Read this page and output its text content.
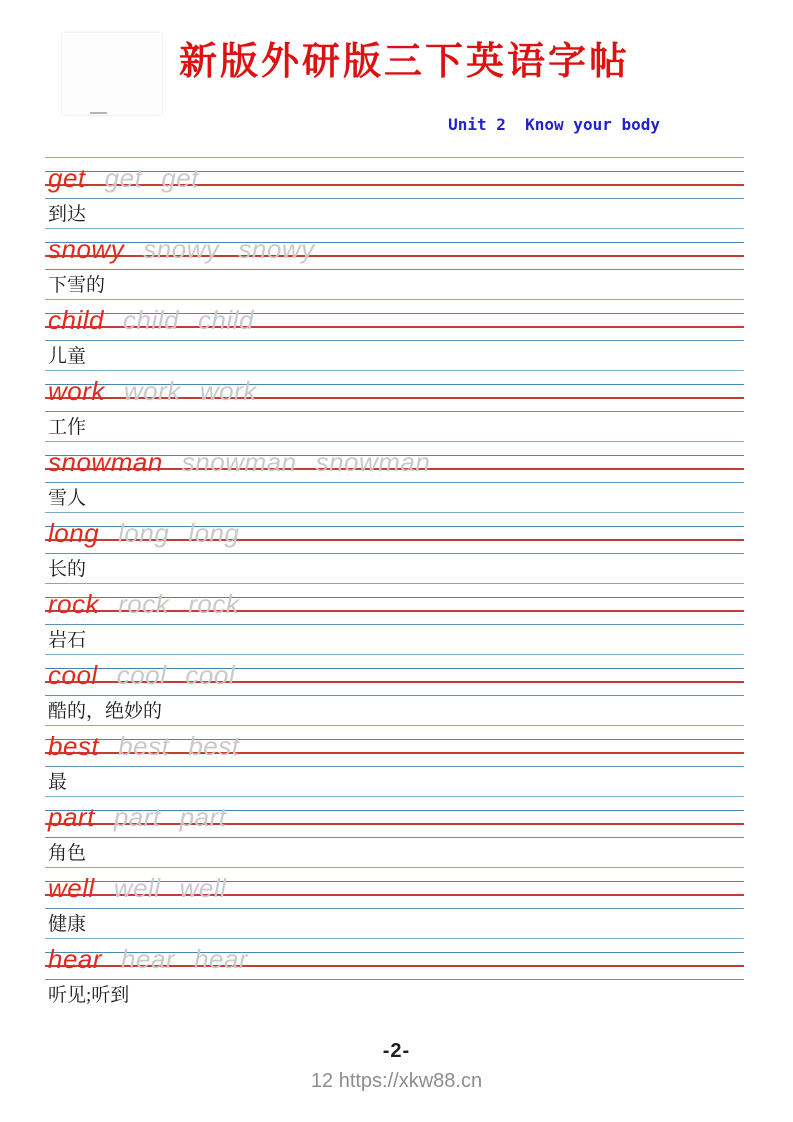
新版外研版三下英语字帖
Unit 2  Know your body
get get get
到达
snowy snowy snowy
下雪的
child child child
儿童
work work work
工作
snowman snowman snowman
雪人
long long long
长的
rock rock rock
岩石
cool cool cool
酷的，绝妙的
best best best
最
part part part
角色
well well well
健康
hear hear hear
听见;听到
-2-
12 https://xkw88.cn
